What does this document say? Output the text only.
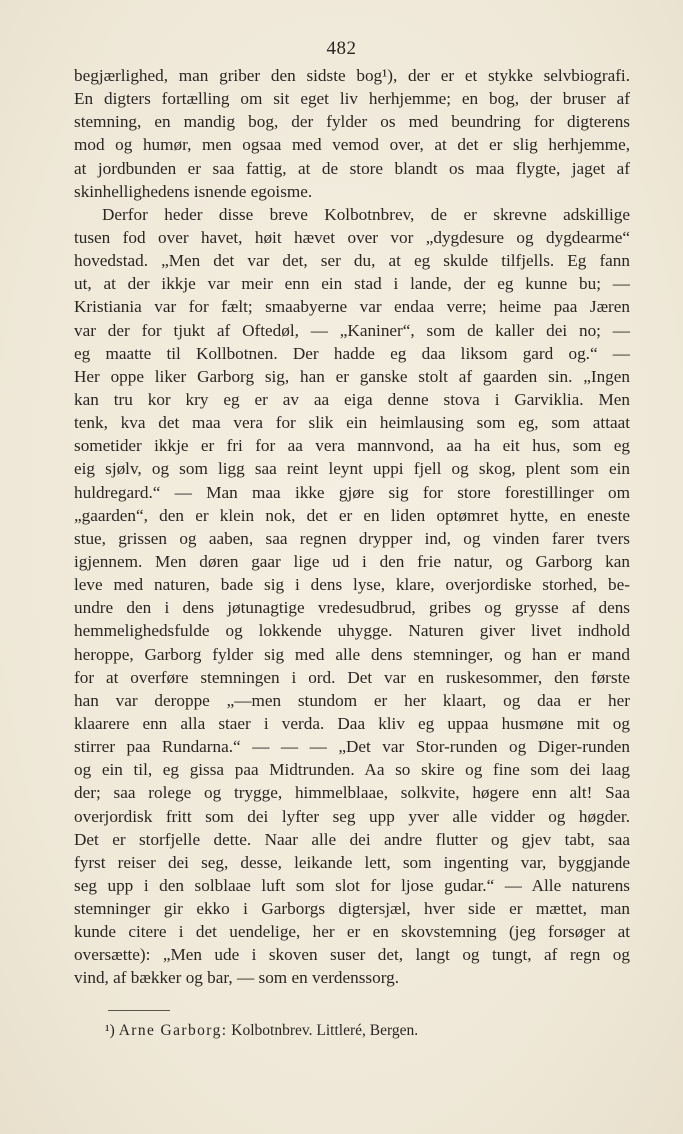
482
begjærlighed, man griber den sidste bog¹), der er et stykke selvbiografi.
En digters fortælling om sit eget liv herhjemme; en bog, der bruser af
stemning, en mandig bog, der fylder os med beundring for digterens
mod og humør, men ogsaa med vemod over, at det er slig herhjemme,
at jordbunden er saa fattig, at de store blandt os maa flygte, jaget af
skinhellighedens isnende egoisme.
Derfor heder disse breve Kolbotnbrev, de er skrevne adskillige
tusen fod over havet, høit hævet over vor „dygdesure og dygdearme“
hovedstad. „Men det var det, ser du, at eg skulde tilfjells. Eg fann
ut, at der ikkje var meir enn ein stad i lande, der eg kunne bu; —
Kristiania var for fælt; smaabyerne var endaa verre; heime paa Jæren
var der for tjukt af Oftedøl, — „Kaniner“, som de kaller dei no; —
eg maatte til Kollbotnen. Der hadde eg daa liksom gard og.“ —
Her oppe liker Garborg sig, han er ganske stolt af gaarden sin. „Ingen
kan tru kor kry eg er av aa eiga denne stova i Garviklia. Men
tenk, kva det maa vera for slik ein heimlausing som eg, som attaat
sometider ikkje er fri for aa vera mannvond, aa ha eit hus, som eg
eig sjølv, og som ligg saa reint leynt uppi fjell og skog, plent som ein
huldregard.“ — Man maa ikke gjøre sig for store forestillinger om
„gaarden“, den er klein nok, det er en liden optømret hytte, en eneste
stue, grissen og aaben, saa regnen drypper ind, og vinden farer tvers
igjennem. Men døren gaar lige ud i den frie natur, og Garborg kan
leve med naturen, bade sig i dens lyse, klare, overjordiske storhed, be-
undre den i dens jøtunagtige vredesudbrud, gribes og grysse af dens
hemmelighedsfulde og lokkende uhygge. Naturen giver livet indhold
heroppe, Garborg fylder sig med alle dens stemninger, og han er mand
for at overføre stemningen i ord. Det var en ruskesommer, den første
han var deroppe „—men stundom er her klaart, og daa er her
klaarere enn alla staer i verda. Daa kliv eg uppaa husmøne mit og
stirrer paa Rundarna.“ — — — „Det var Stor-runden og Diger-runden
og ein til, eg gissa paa Midtrunden. Aa so skire og fine som dei laag
der; saa rolege og trygge, himmelblaae, solkvite, høgere enn alt! Saa
overjordisk fritt som dei lyfter seg upp yver alle vidder og høgder.
Det er storfjelle dette. Naar alle dei andre flutter og gjev tabt, saa
fyrst reiser dei seg, desse, leikande lett, som ingenting var, byggjande
seg upp i den solblaae luft som slot for ljose gudar.“ — Alle naturens
stemninger gir ekko i Garborgs digtersjæl, hver side er mættet, man
kunde citere i det uendelige, her er en skovstemning (jeg forsøger at
oversætte): „Men ude i skoven suser det, langt og tungt, af regn og
vind, af bækker og bar, — som en verdenssorg.
¹) Arne Garborg: Kolbotnbrev. Littleré, Bergen.
